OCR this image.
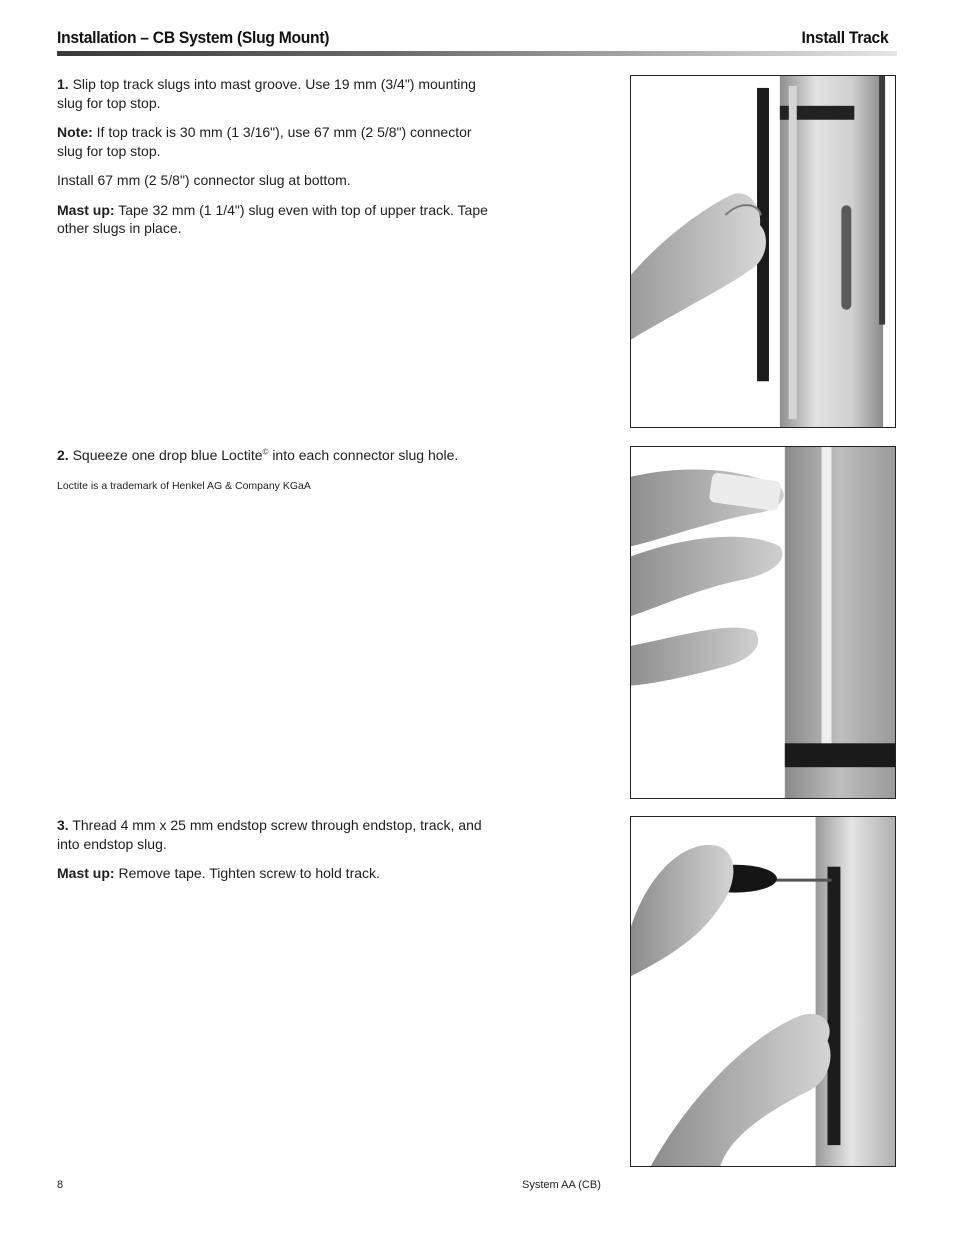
Installation – CB System (Slug Mount)	Install Track

1. Slip top track slugs into mast groove. Use 19 mm (3/4") mounting slug for top stop.

Note: If top track is 30 mm (1 3/16"), use 67 mm (2 5/8") connector slug for top stop.

Install 67 mm (2 5/8") connector slug at bottom.

Mast up: Tape 32 mm (1 1/4") slug even with top of upper track. Tape other slugs in place.

2. Squeeze one drop blue Loctite© into each connector slug hole.

Loctite is a trademark of Henkel AG & Company KGaA

3. Thread 4 mm x 25 mm endstop screw through endstop, track, and into endstop slug.

Mast up: Remove tape. Tighten screw to hold track.

8	System AA (CB)
